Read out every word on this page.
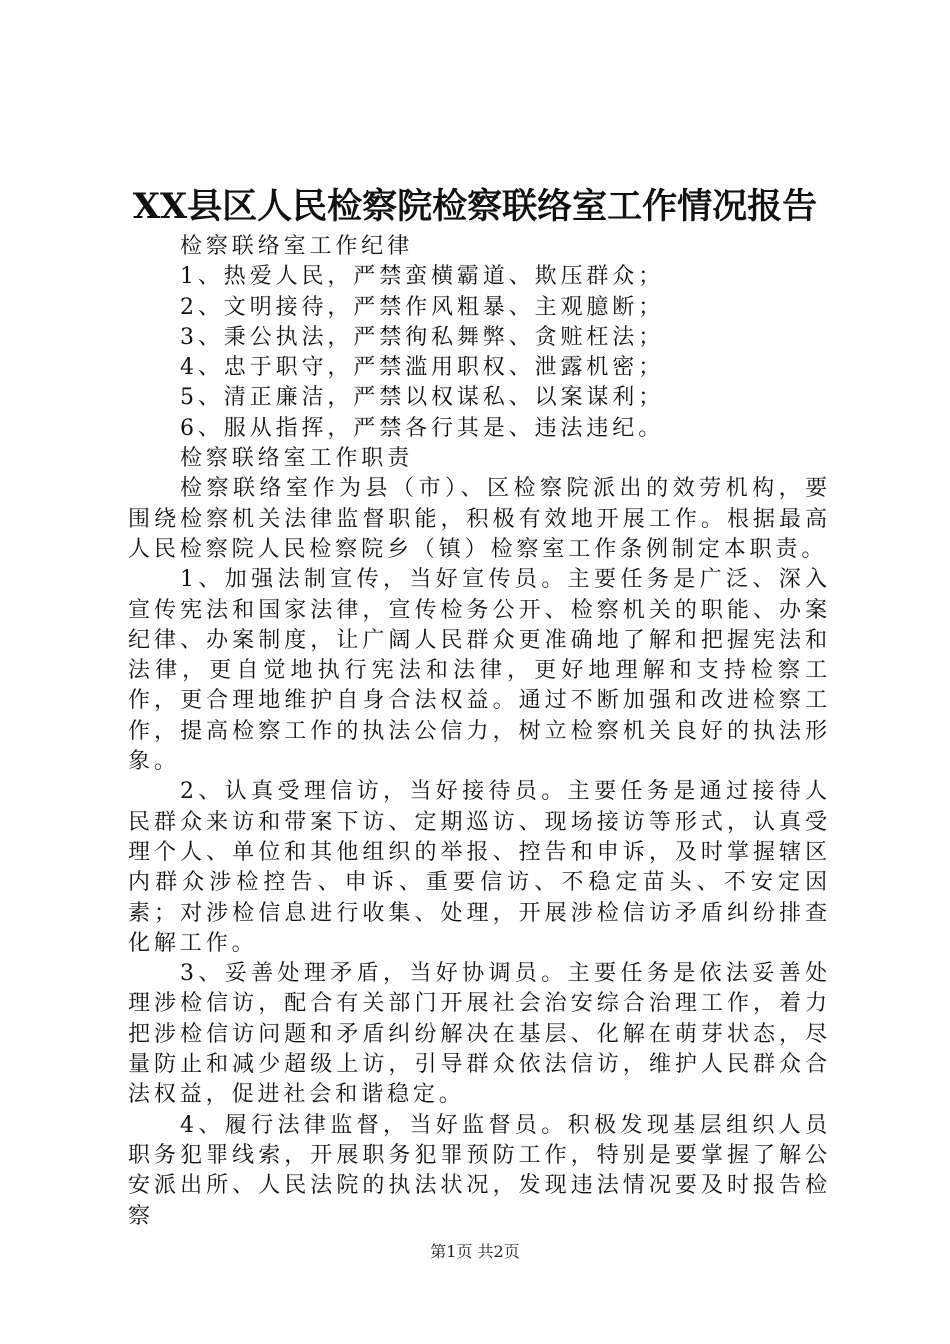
XX县区人民检察院检察联络室工作情况报告

检察联络室工作纪律

1、热爱人民，严禁蛮横霸道、欺压群众；

2、文明接待，严禁作风粗暴、主观臆断；

3、秉公执法，严禁徇私舞弊、贪赃枉法；

4、忠于职守，严禁滥用职权、泄露机密；

5、清正廉洁，严禁以权谋私、以案谋利；

6、服从指挥，严禁各行其是、违法违纪。

检察联络室工作职责

检察联络室作为县（市）、区检察院派出的效劳机构，要围绕检察机关法律监督职能，积极有效地开展工作。根据最高人民检察院人民检察院乡（镇）检察室工作条例制定本职责。

1、加强法制宣传，当好宣传员。主要任务是广泛、深入宣传宪法和国家法律，宣传检务公开、检察机关的职能、办案纪律、办案制度，让广阔人民群众更准确地了解和把握宪法和法律，更自觉地执行宪法和法律，更好地理解和支持检察工作，更合理地维护自身合法权益。通过不断加强和改进检察工作，提高检察工作的执法公信力，树立检察机关良好的执法形象。

2、认真受理信访，当好接待员。主要任务是通过接待人民群众来访和带案下访、定期巡访、现场接访等形式，认真受理个人、单位和其他组织的举报、控告和申诉，及时掌握辖区内群众涉检控告、申诉、重要信访、不稳定苗头、不安定因素；对涉检信息进行收集、处理，开展涉检信访矛盾纠纷排查化解工作。

3、妥善处理矛盾，当好协调员。主要任务是依法妥善处理涉检信访，配合有关部门开展社会治安综合治理工作，着力把涉检信访问题和矛盾纠纷解决在基层、化解在萌芽状态，尽量防止和减少超级上访，引导群众依法信访，维护人民群众合法权益，促进社会和谐稳定。

4、履行法律监督，当好监督员。积极发现基层组织人员职务犯罪线索，开展职务犯罪预防工作，特别是要掌握了解公安派出所、人民法院的执法状况，发现违法情况要及时报告检察

第1页 共2页
